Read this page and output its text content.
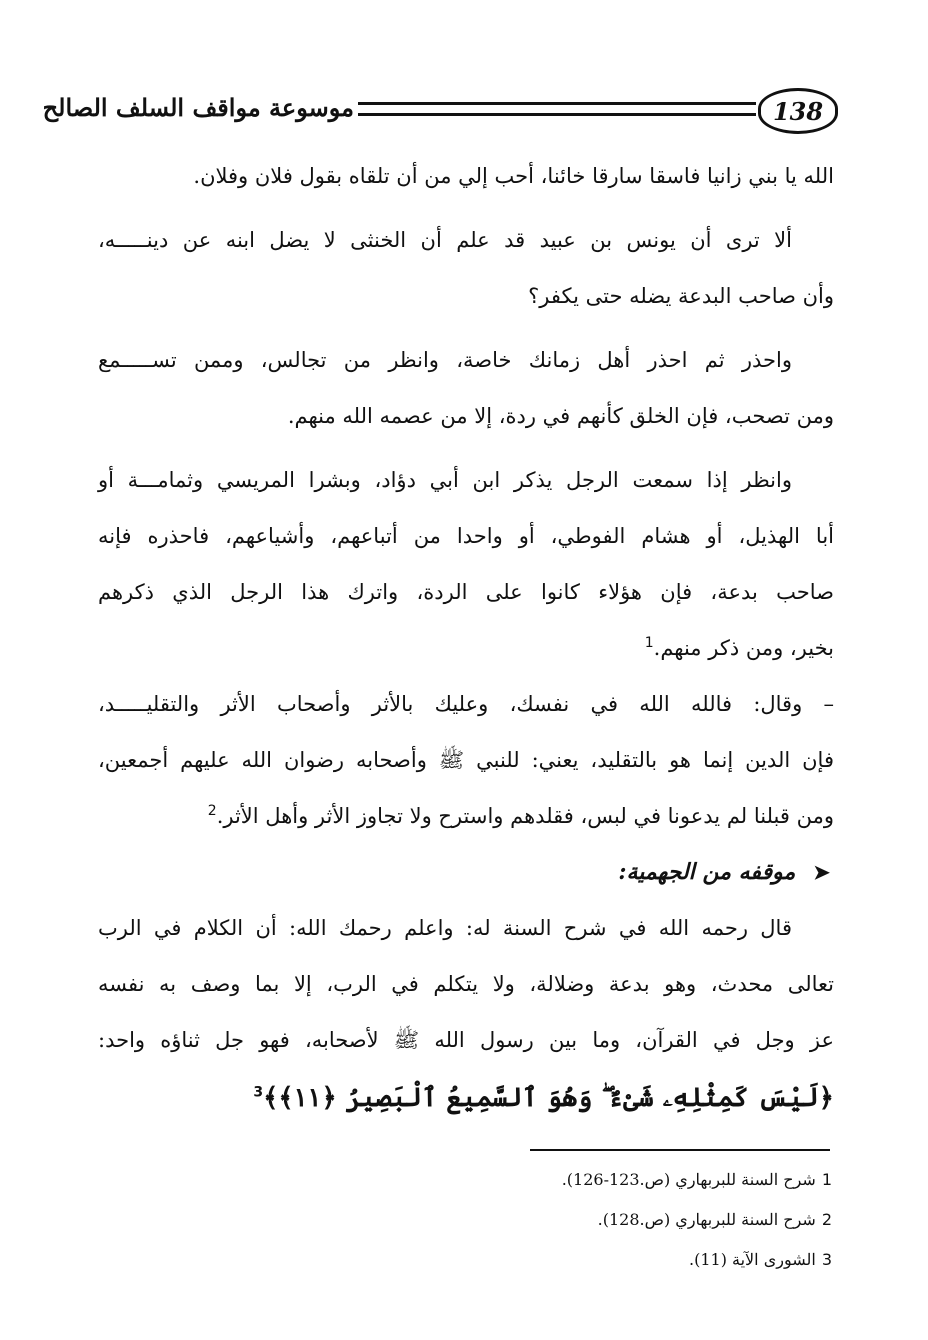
138
موسوعة مواقف السلف الصالح
الله يا بني زانيا فاسقا سارقا خائنا، أحب إلي من أن تلقاه بقول فلان وفلان.
ألا ترى أن يونس بن عبيد قد علم أن الخنثى لا يضل ابنه عن دينـــــه،
وأن صاحب البدعة يضله حتى يكفر؟
واحذر ثم احذر أهل زمانك خاصة، وانظر من تجالس، وممن تســـــمع
ومن تصحب، فإن الخلق كأنهم في ردة، إلا من عصمه الله منهم.
وانظر إذا سمعت الرجل يذكر ابن أبي دؤاد، وبشرا المريسي وثمامـــة أو
أبا الهذيل، أو هشام الفوطي، أو واحدا من أتباعهم، وأشياعهم، فاحذره فإنه
صاحب بدعة، فإن هؤلاء كانوا على الردة، واترك هذا الرجل الذي ذكرهم
بخير، ومن ذكر منهم.$^1$
– وقال: فالله الله في نفسك، وعليك بالأثر وأصحاب الأثر والتقليـــــد،
فإن الدين إنما هو بالتقليد، يعني: للنبي ﷺ وأصحابه رضوان الله عليهم أجمعين،
ومن قبلنا لم يدعونا في لبس، فقلدهم واسترح ولا تجاوز الأثر وأهل الأثر.$^2$
➤موقفه من الجهمية:
قال رحمه الله في شرح السنة له: واعلم رحمك الله: أن الكلام في الرب
تعالى محدث، وهو بدعة وضلالة، ولا يتكلم في الرب، إلا بما وصف به نفسه
عز وجل في القرآن، وما بين رسول الله ﷺ لأصحابه، فهو جل ثناؤه واحد:
﴿لَيْسَ كَمِثْلِهِۦ شَىْءٌ ۖ وَهُوَ ٱلسَّمِيعُ ٱلْبَصِيرُ ﴿١١﴾﴾$^3$
1شرح السنة للبربهاري (ص.123-126).
2شرح السنة للبربهاري (ص.128).
3الشورى الآية (11).
